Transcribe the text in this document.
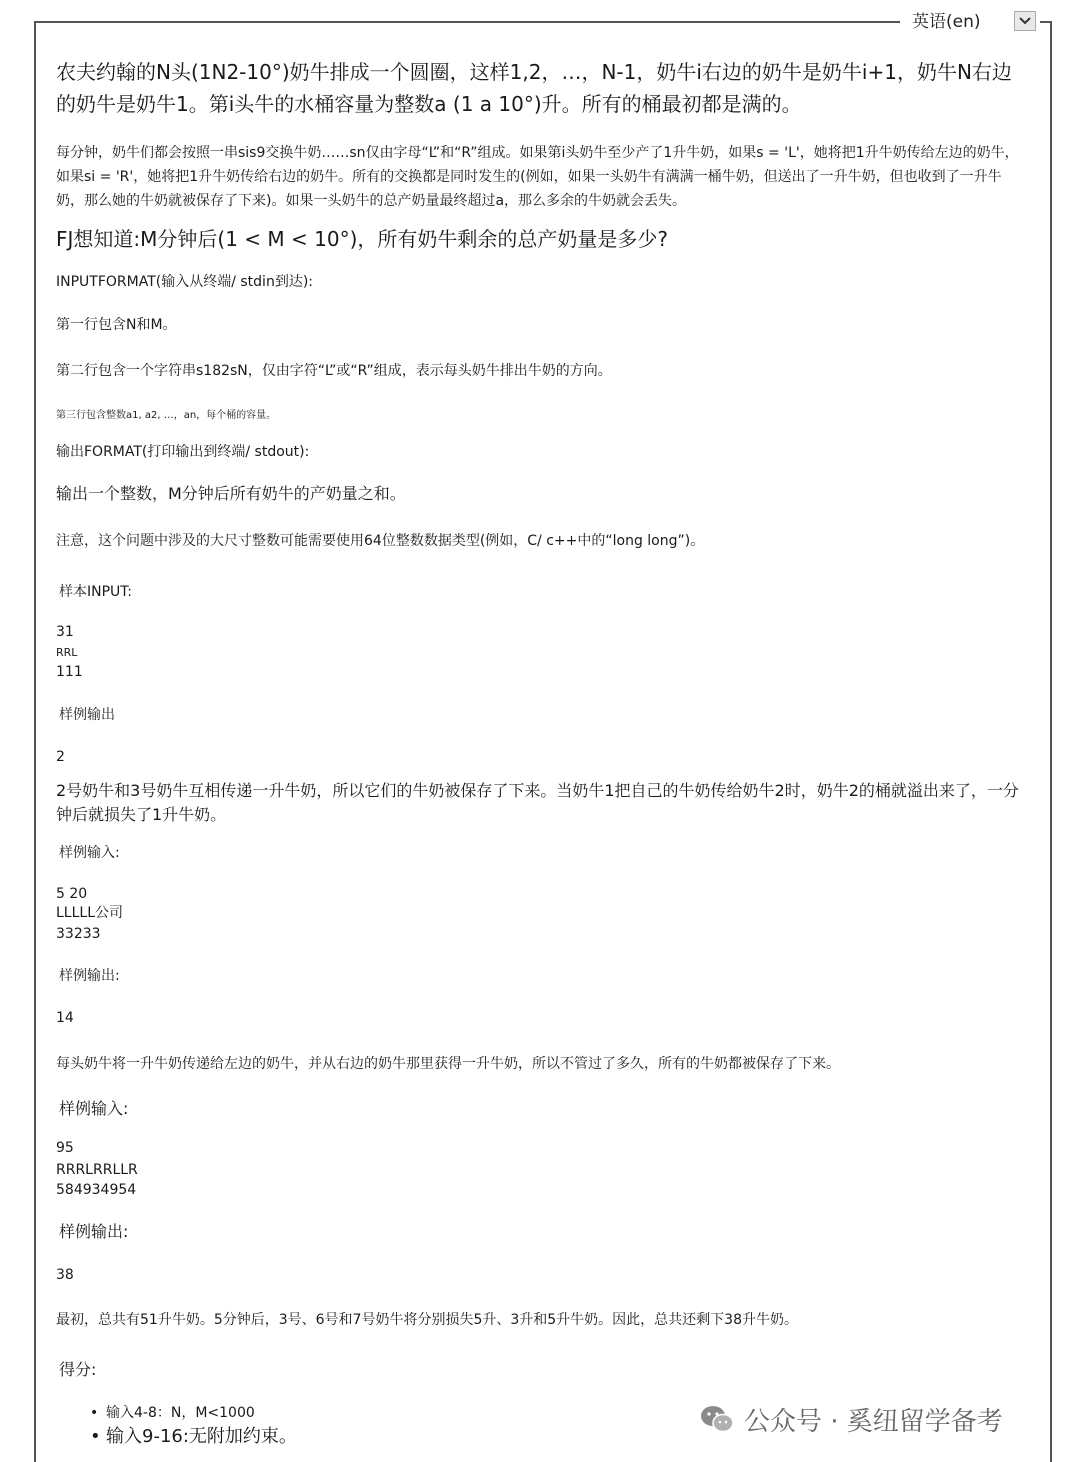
英语(en)

农夫约翰的N头(1N2-10°)奶牛排成一个圆圈，这样1,2，…，N-1，奶牛i右边的奶牛是奶牛i+1，奶牛N右边的奶牛是奶牛1。第i头牛的水桶容量为整数a (1 a 10°)升。所有的桶最初都是满的。

每分钟，奶牛们都会按照一串sis9交换牛奶……sn仅由字母“L”和“R”组成。如果第i头奶牛至少产了1升牛奶，如果s = 'L'，她将把1升牛奶传给左边的奶牛，如果si = 'R'，她将把1升牛奶传给右边的奶牛。所有的交换都是同时发生的(例如，如果一头奶牛有满满一桶牛奶，但送出了一升牛奶，但也收到了一升牛奶，那么她的牛奶就被保存了下来)。如果一头奶牛的总产奶量最终超过a，那么多余的牛奶就会丢失。

FJ想知道:M分钟后(1 < M < 10°)，所有奶牛剩余的总产奶量是多少?

INPUTFORMAT(输入从终端/ stdin到达):

第一行包含N和M。

第二行包含一个字符串s182sN，仅由字符“L”或“R”组成，表示每头奶牛排出牛奶的方向。

第三行包含整数a1, a2, …，an，每个桶的容量。

输出FORMAT(打印输出到终端/ stdout):

输出一个整数，M分钟后所有奶牛的产奶量之和。

注意，这个问题中涉及的大尺寸整数可能需要使用64位整数数据类型(例如，C/ c++中的“long long”)。

样本INPUT:

31

RRL

111

样例输出

2

2号奶牛和3号奶牛互相传递一升牛奶，所以它们的牛奶被保存了下来。当奶牛1把自己的牛奶传给奶牛2时，奶牛2的桶就溢出来了，一分钟后就损失了1升牛奶。

样例输入:

5 20

LLLLL公司

33233

样例输出:

14

每头奶牛将一升牛奶传递给左边的奶牛，并从右边的奶牛那里获得一升牛奶，所以不管过了多久，所有的牛奶都被保存了下来。

样例输入:

95

RRRLRRLLR

584934954

样例输出:

38

最初，总共有51升牛奶。5分钟后，3号、6号和7号奶牛将分别损失5升、3升和5升牛奶。因此，总共还剩下38升牛奶。

得分:

• 输入4-8：N，M<1000
• 输入9-16:无附加约束。	公众号 · 奚纽留学备考
